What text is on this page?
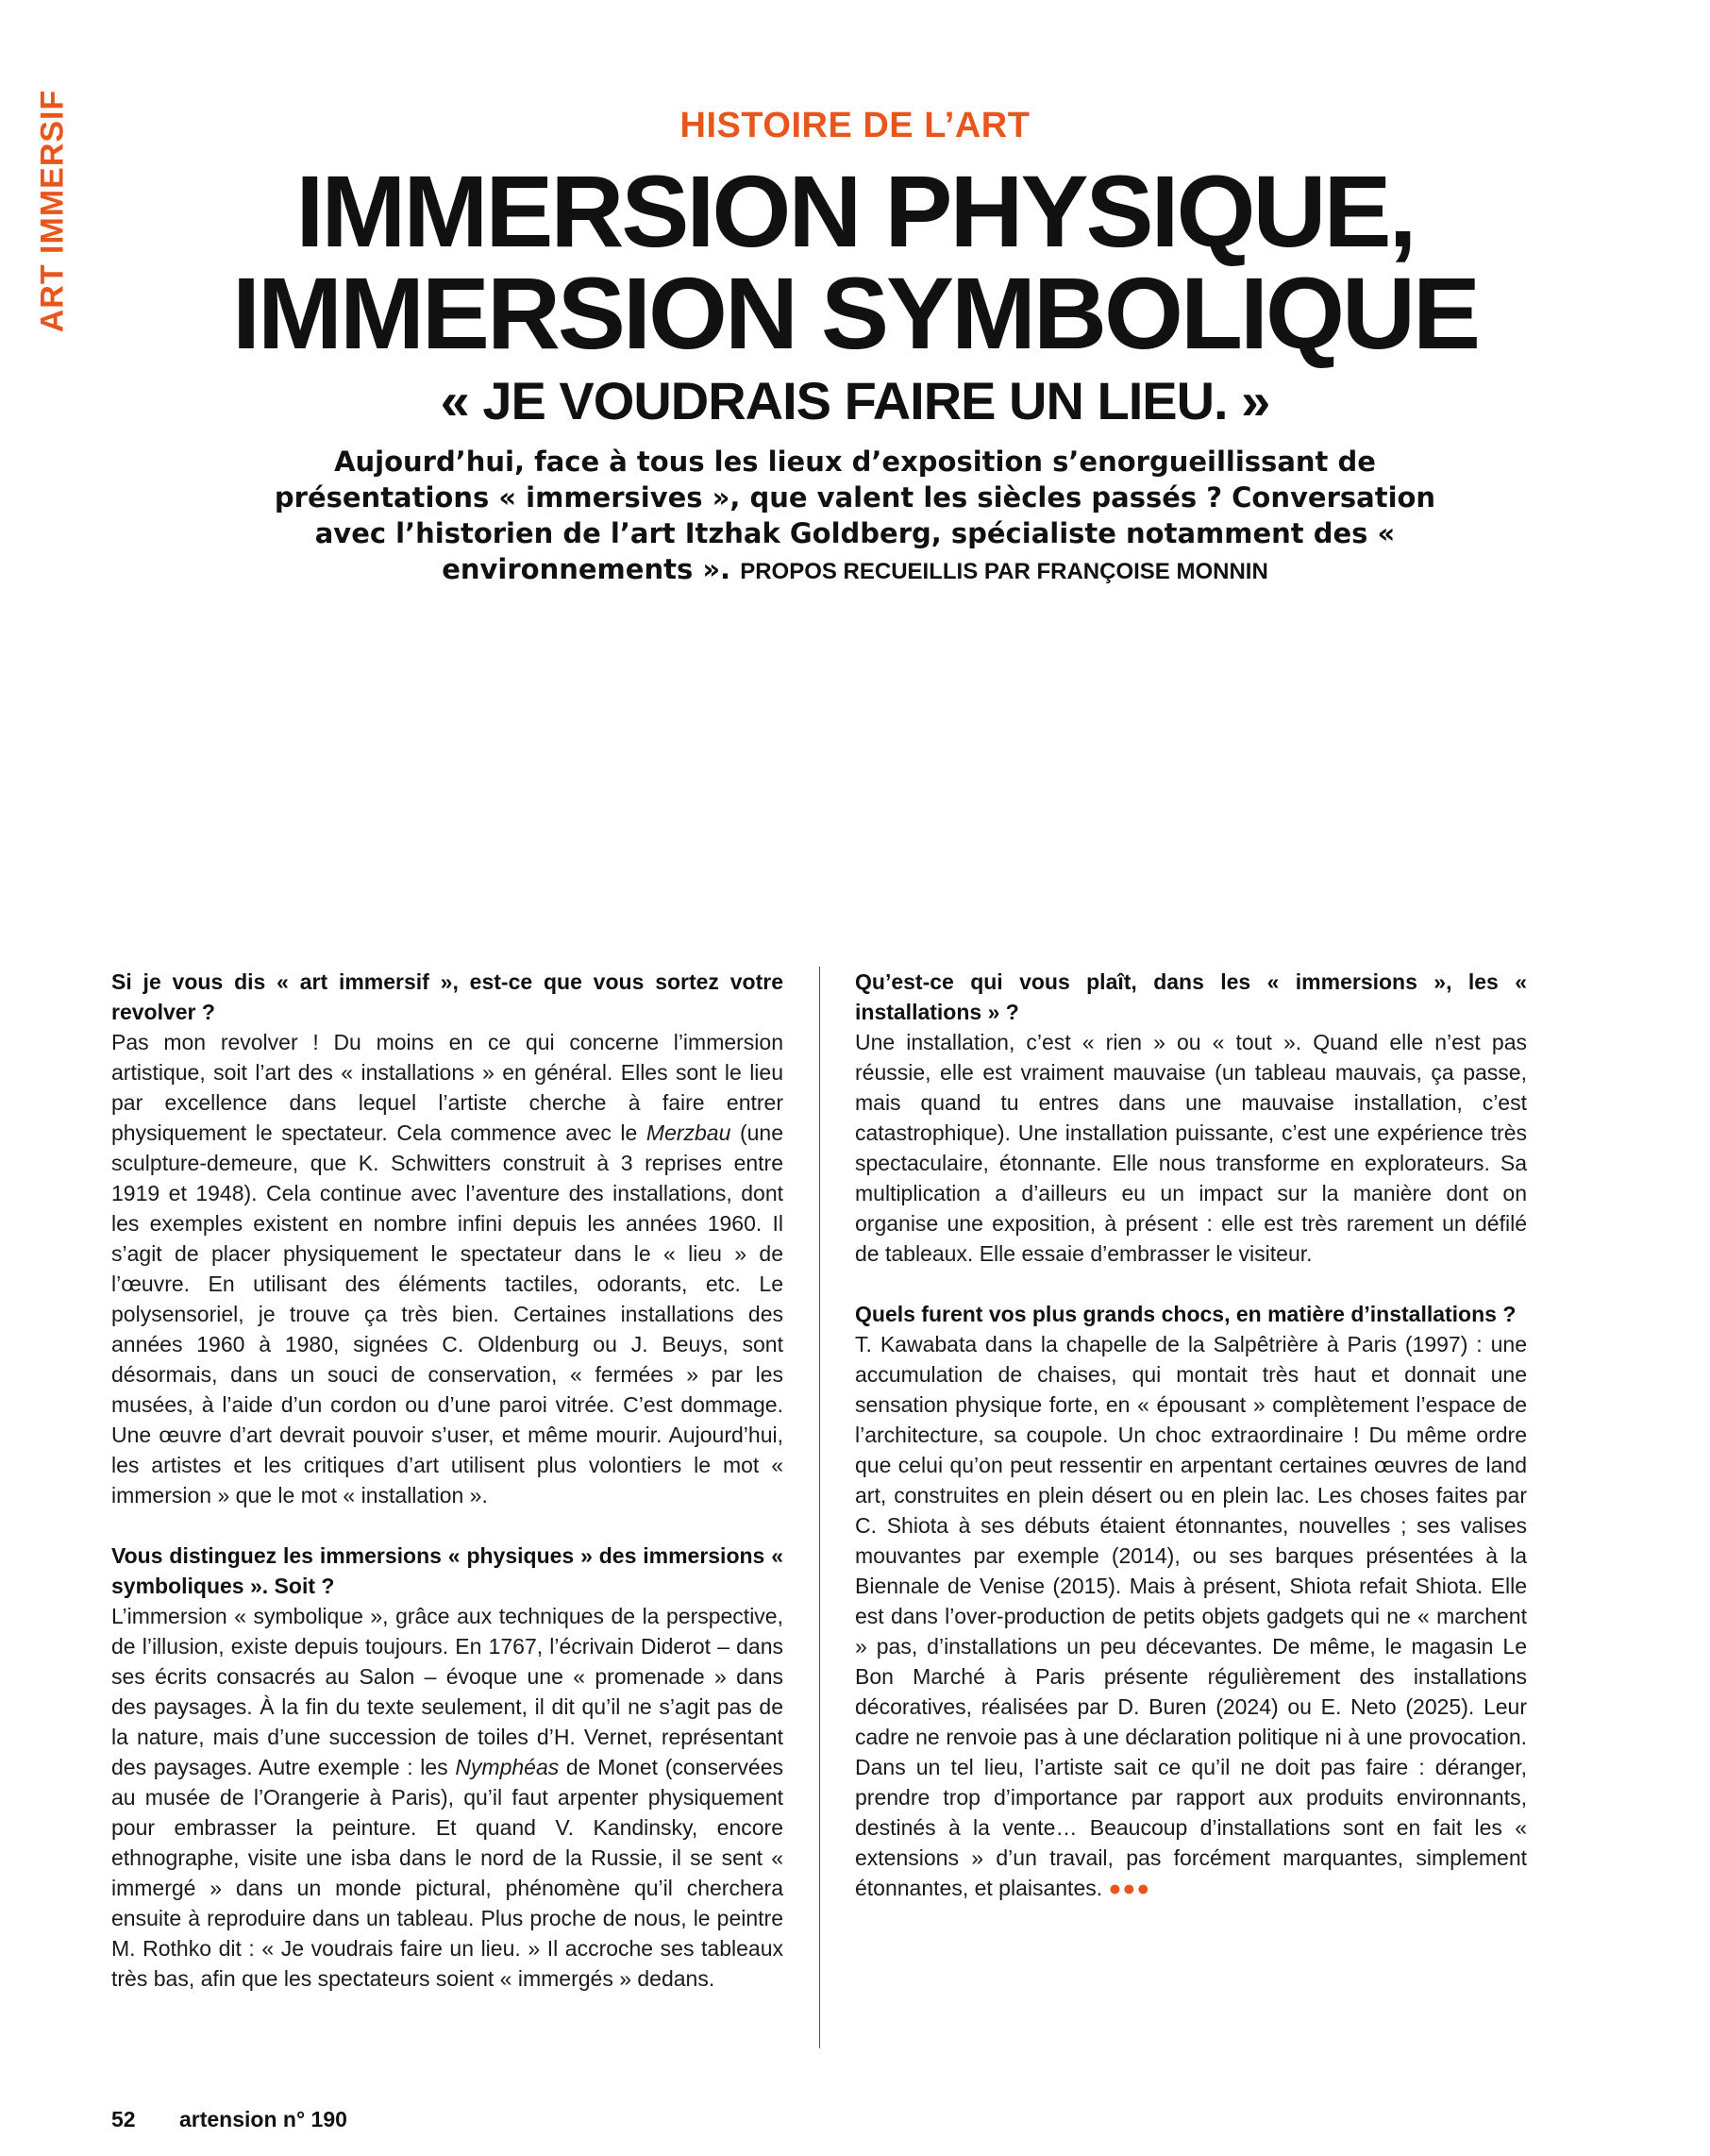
ART IMMERSIF	HISTOIRE DE L’ART
IMMERSION PHYSIQUE,
IMMERSION SYMBOLIQUE
« JE VOUDRAIS FAIRE UN LIEU. »
Aujourd’hui, face à tous les lieux d’exposition s’enorgueillissant de présentations « immersives », que valent les siècles passés ? Conversation avec l’historien de l’art Itzhak Goldberg, spécialiste notamment des « environnements ». PROPOS RECUEILLIS PAR FRANÇOISE MONNIN

Si je vous dis « art immersif », est-ce que vous sortez votre revolver ?

Pas mon revolver ! Du moins en ce qui concerne l’immersion artistique, soit l’art des « installations » en général. Elles sont le lieu par excellence dans lequel l’artiste cherche à faire entrer physiquement le spectateur. Cela commence avec le Merzbau (une sculpture-demeure, que K. Schwitters construit à 3 reprises entre 1919 et 1948). Cela continue avec l’aventure des installations, dont les exemples existent en nombre infini depuis les années 1960. Il s’agit de placer physiquement le spectateur dans le « lieu » de l’œuvre. En utilisant des éléments tactiles, odorants, etc. Le polysensoriel, je trouve ça très bien. Certaines installations des années 1960 à 1980, signées C. Oldenburg ou J. Beuys, sont désormais, dans un souci de conservation, « fermées » par les musées, à l’aide d’un cordon ou d’une paroi vitrée. C’est dommage. Une œuvre d’art devrait pouvoir s’user, et même mourir. Aujourd’hui, les artistes et les critiques d’art utilisent plus volontiers le mot « immersion » que le mot « installation ».

Vous distinguez les immersions « physiques » des immersions « symboliques ». Soit ?

L’immersion « symbolique », grâce aux techniques de la perspective, de l’illusion, existe depuis toujours. En 1767, l’écrivain Diderot – dans ses écrits consacrés au Salon – évoque une « promenade » dans des paysages. À la fin du texte seulement, il dit qu’il ne s’agit pas de la nature, mais d’une succession de toiles d’H. Vernet, représentant des paysages. Autre exemple : les Nymphéas de Monet (conservées au musée de l’Orangerie à Paris), qu’il faut arpenter physiquement pour embrasser la peinture. Et quand V. Kandinsky, encore ethnographe, visite une isba dans le nord de la Russie, il se sent « immergé » dans un monde pictural, phénomène qu’il cherchera ensuite à reproduire dans un tableau. Plus proche de nous, le peintre M. Rothko dit : « Je voudrais faire un lieu. » Il accroche ses tableaux très bas, afin que les spectateurs soient « immergés » dedans.

Qu’est-ce qui vous plaît, dans les « immersions », les « installations » ?

Une installation, c’est « rien » ou « tout ». Quand elle n’est pas réussie, elle est vraiment mauvaise (un tableau mauvais, ça passe, mais quand tu entres dans une mauvaise installation, c’est catastrophique). Une installation puissante, c’est une expérience très spectaculaire, étonnante. Elle nous transforme en explorateurs. Sa multiplication a d’ailleurs eu un impact sur la manière dont on organise une exposition, à présent : elle est très rarement un défilé de tableaux. Elle essaie d’embrasser le visiteur.

Quels furent vos plus grands chocs, en matière d’installations ?

T. Kawabata dans la chapelle de la Salpêtrière à Paris (1997) : une accumulation de chaises, qui montait très haut et donnait une sensation physique forte, en « épousant » complètement l’espace de l’architecture, sa coupole. Un choc extraordinaire ! Du même ordre que celui qu’on peut ressentir en arpentant certaines œuvres de land art, construites en plein désert ou en plein lac. Les choses faites par C. Shiota à ses débuts étaient étonnantes, nouvelles ; ses valises mouvantes par exemple (2014), ou ses barques présentées à la Biennale de Venise (2015). Mais à présent, Shiota refait Shiota. Elle est dans l’over-production de petits objets gadgets qui ne « marchent » pas, d’installations un peu décevantes. De même, le magasin Le Bon Marché à Paris présente régulièrement des installations décoratives, réalisées par D. Buren (2024) ou E. Neto (2025). Leur cadre ne renvoie pas à une déclaration politique ni à une provocation. Dans un tel lieu, l’artiste sait ce qu’il ne doit pas faire : déranger, prendre trop d’importance par rapport aux produits environnants, destinés à la vente… Beaucoup d’installations sont en fait les « extensions » d’un travail, pas forcément marquantes, simplement étonnantes, et plaisantes. ●●●

52 artension n° 190
